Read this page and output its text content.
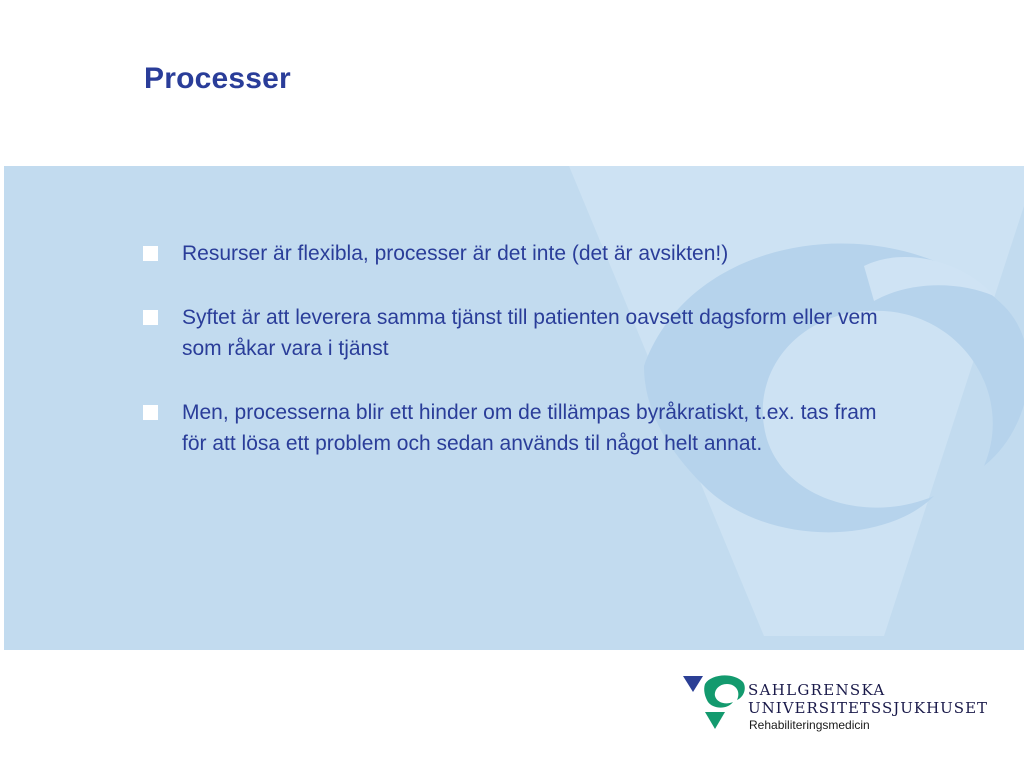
Processer
Resurser är flexibla, processer är det inte (det är avsikten!)
Syftet är att leverera samma tjänst till patienten oavsett dagsform eller vem som råkar vara i tjänst
Men, processerna blir ett hinder om de tillämpas byråkratiskt, t.ex. tas fram för att lösa ett problem och sedan används til något helt annat.
SAHLGRENSKA
UNIVERSITETSSJUKHUSET
Rehabiliteringsmedicin
